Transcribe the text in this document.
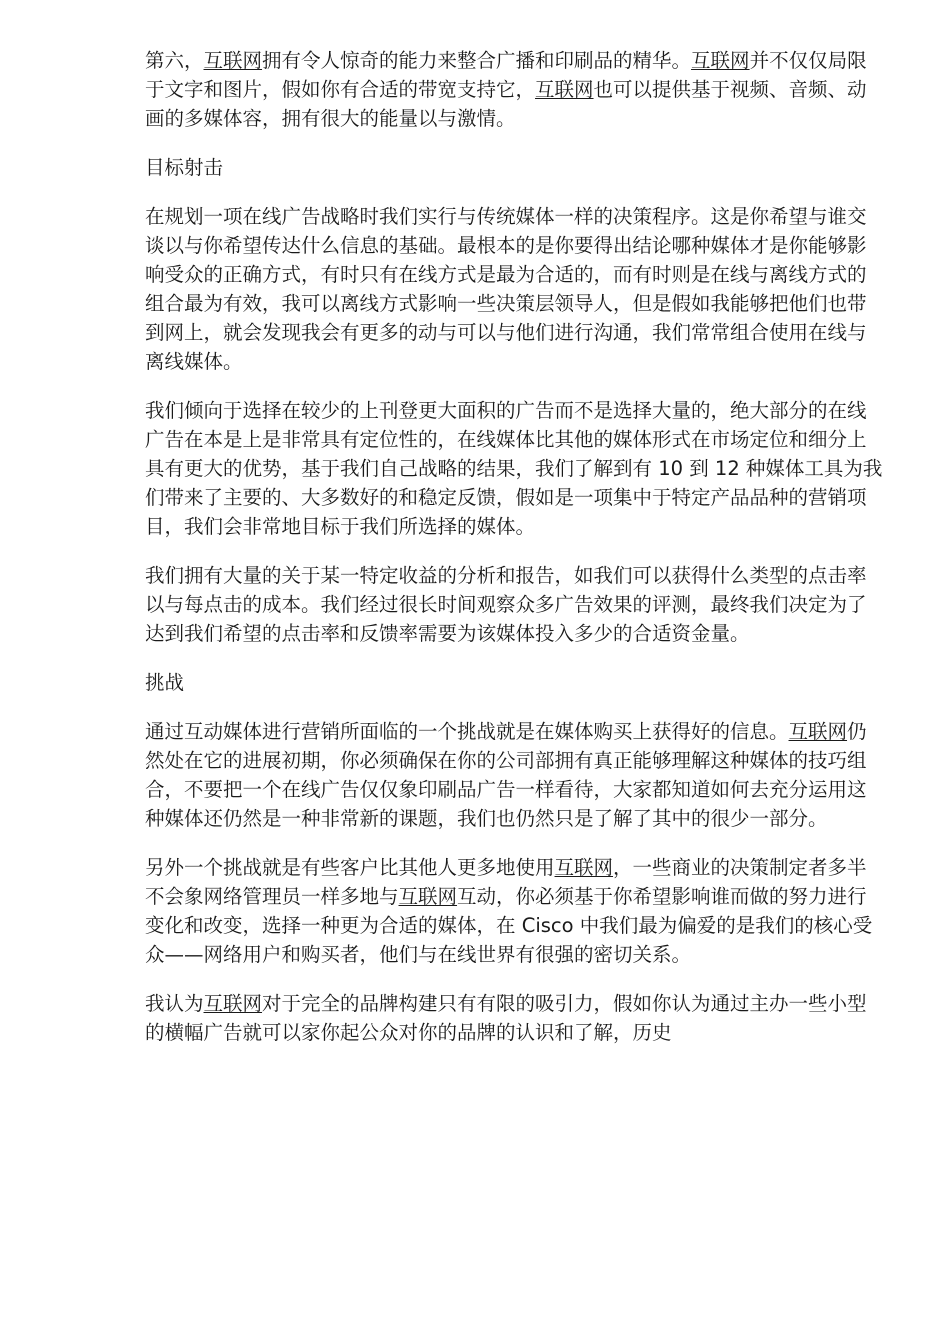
第六，互联网拥有令人惊奇的能力来整合广播和印刷品的精华。互联网并不仅仅局限于文字和图片，假如你有合适的带宽支持它，互联网也可以提供基于视频、音频、动画的多媒体容，拥有很大的能量以与激情。

目标射击

在规划一项在线广告战略时我们实行与传统媒体一样的决策程序。这是你希望与谁交谈以与你希望传达什么信息的基础。最根本的是你要得出结论哪种媒体才是你能够影响受众的正确方式，有时只有在线方式是最为合适的，而有时则是在线与离线方式的组合最为有效，我可以离线方式影响一些决策层领导人，但是假如我能够把他们也带到网上，就会发现我会有更多的动与可以与他们进行沟通，我们常常组合使用在线与离线媒体。

我们倾向于选择在较少的上刊登更大面积的广告而不是选择大量的，绝大部分的在线广告在本是上是非常具有定位性的，在线媒体比其他的媒体形式在市场定位和细分上具有更大的优势，基于我们自己战略的结果，我们了解到有 10 到 12 种媒体工具为我们带来了主要的、大多数好的和稳定反馈，假如是一项集中于特定产品品种的营销项目，我们会非常地目标于我们所选择的媒体。

我们拥有大量的关于某一特定收益的分析和报告，如我们可以获得什么类型的点击率以与每点击的成本。我们经过很长时间观察众多广告效果的评测，最终我们决定为了达到我们希望的点击率和反馈率需要为该媒体投入多少的合适资金量。

挑战

通过互动媒体进行营销所面临的一个挑战就是在媒体购买上获得好的信息。互联网仍然处在它的进展初期，你必须确保在你的公司部拥有真正能够理解这种媒体的技巧组合，不要把一个在线广告仅仅象印刷品广告一样看待，大家都知道如何去充分运用这种媒体还仍然是一种非常新的课题，我们也仍然只是了解了其中的很少一部分。

另外一个挑战就是有些客户比其他人更多地使用互联网，一些商业的决策制定者多半不会象网络管理员一样多地与互联网互动，你必须基于你希望影响谁而做的努力进行变化和改变，选择一种更为合适的媒体，在 Cisco 中我们最为偏爱的是我们的核心受众——网络用户和购买者，他们与在线世界有很强的密切关系。

我认为互联网对于完全的品牌构建只有有限的吸引力，假如你认为通过主办一些小型的横幅广告就可以家你起公众对你的品牌的认识和了解，历史
